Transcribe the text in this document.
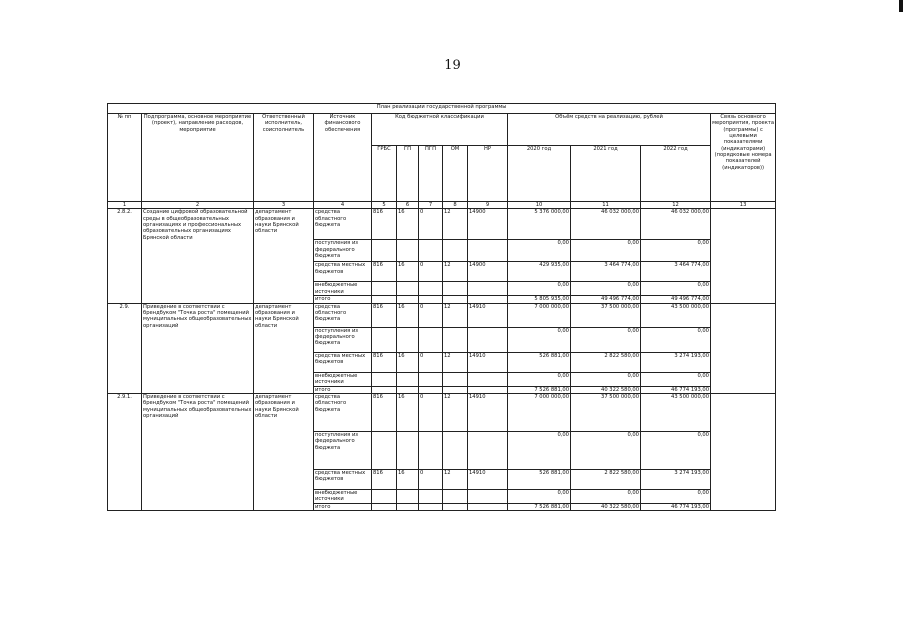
19
План реализации государственной программы												
№ пп	Подпрограмма, основное мероприятие (проект), направление расходов, мероприятие	Ответственный исполнитель, соисполнитель	Источник финансового обеспечения	Код бюджетной классификации					Объём средств на реализацию, рублей			Связь основного мероприятия, проекта (программы) с целевыми показателями (индикаторами) (порядковые номера показателей (индикаторов))
				ГРБС	ГП	ПГП	ОМ	НР	2020 год	2021 год	2022 год	
1	2	3	4	5	6	7	8	9	10	11	12	13
2.8.2.	Создание цифровой образовательной среды в общеобразовательных организациях и профессиональных образовательных организациях Брянской области	департамент образования и науки Брянской области	средства областного бюджета	816	16	0	12	14900	5 376 000,00	46 032 000,00	46 032 000,00	
			поступления из федерального бюджета						0,00	0,00	0,00	
			средства местных бюджетов	816	16	0	12	14900	429 935,00	3 464 774,00	3 464 774,00	
			внебюджетные источники						0,00	0,00	0,00	
			итого						5 805 935,00	49 496 774,00	49 496 774,00	
2.9.	Приведение в соответствии с брендбуком "Точка роста" помещений муниципальных общеобразовательных организаций	департамент образования и науки Брянской области	средства областного бюджета	816	16	0	12	14910	7 000 000,00	37 500 000,00	43 500 000,00	
			поступления из федерального бюджета						0,00	0,00	0,00	
			средства местных бюджетов	816	16	0	12	14910	526 881,00	2 822 580,00	3 274 193,00	
			внебюджетные источники						0,00	0,00	0,00	
			итого						7 526 881,00	40 322 580,00	46 774 193,00	
2.9.1.	Приведение в соответствии с брендбуком "Точка роста" помещений муниципальных общеобразовательных организаций	департамент образования и науки Брянской области	средства областного бюджета	816	16	0	12	14910	7 000 000,00	37 500 000,00	43 500 000,00	
			поступления из федерального бюджета						0,00	0,00	0,00	
			средства местных бюджетов	816	16	0	12	14910	526 881,00	2 822 580,00	3 274 193,00	
			внебюджетные источники						0,00	0,00	0,00	
			итого						7 526 881,00	40 322 580,00	46 774 193,00	
